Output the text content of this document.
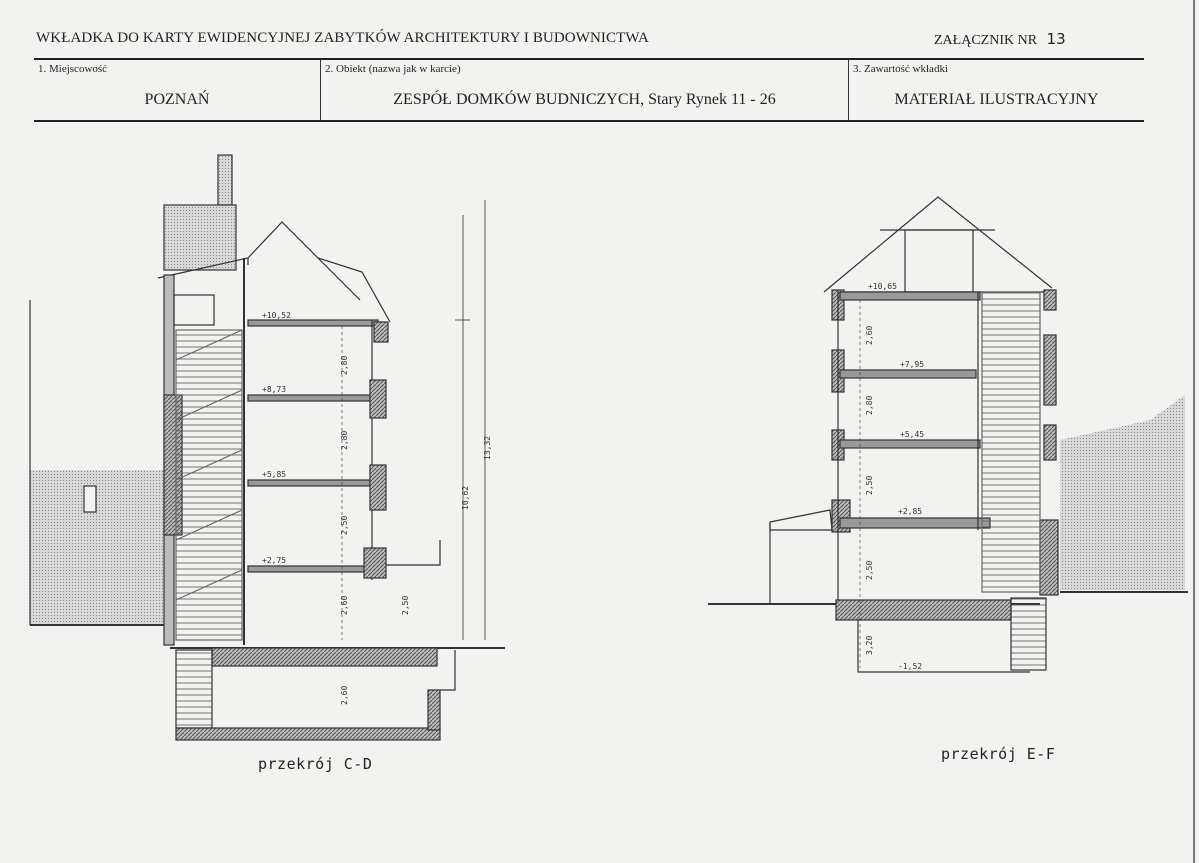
WKŁADKA DO KARTY EWIDENCYJNEJ ZABYTKÓW ARCHITEKTURY I BUDOWNICTWA	ZAŁĄCZNIK NR 13
1. Miejscowość
POZNAŃ
2. Obiekt (nazwa jak w karcie)
ZESPÓŁ DOMKÓW BUDNICZYCH, Stary Rynek 11 - 26
3. Zawartość wkładki
MATERIAŁ ILUSTRACYJNY
+10,52
+8,73
+5,85
+2,75
13,32
10,62
2,80
2,80
2,50
2,60	2,50
2,60
+10,65
+7,95
+5,45
+2,85
-1,52
2,60
2,80
2,50
2,50
3,20
przekrój C-D
przekrój E-F
